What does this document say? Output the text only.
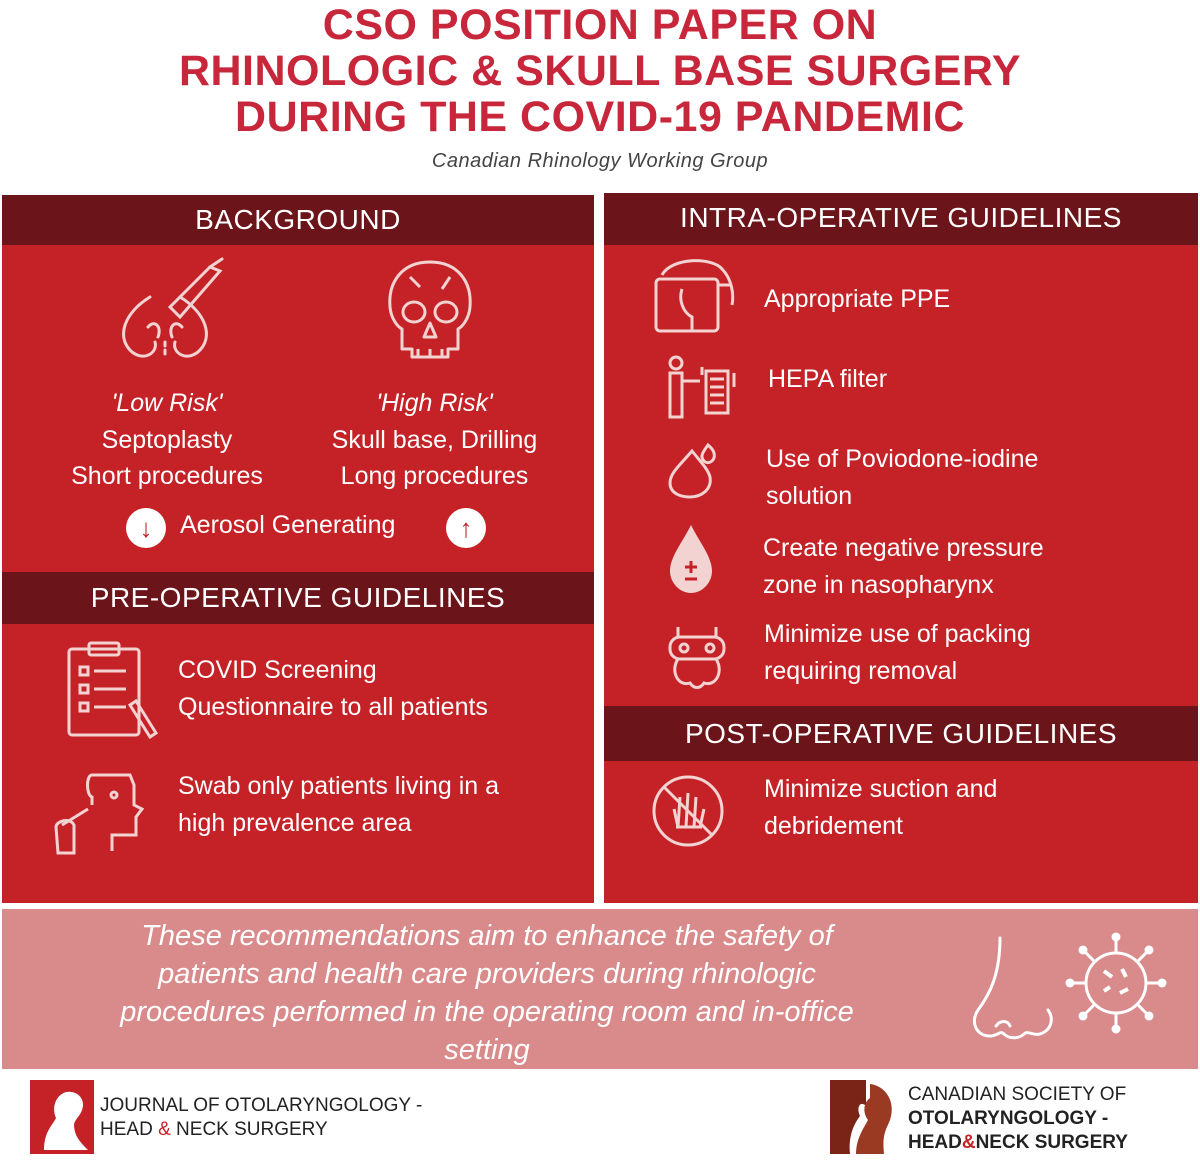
CSO POSITION PAPER ON
RHINOLOGIC & SKULL BASE SURGERY
DURING THE COVID-19 PANDEMIC
Canadian Rhinology Working Group
BACKGROUND
'Low Risk'
Septoplasty
Short procedures
'High Risk'
Skull base, Drilling
Long procedures
↓	Aerosol Generating	↑
PRE-OPERATIVE GUIDELINES
COVID Screening
Questionnaire to all patients
Swab only patients living in a
high prevalence area
INTRA-OPERATIVE GUIDELINES
Appropriate PPE
HEPA filter
Use of Poviodone-iodine
solution
Create negative pressure
zone in nasopharynx
Minimize use of packing
requiring removal
POST-OPERATIVE GUIDELINES
Minimize suction and
debridement
These recommendations aim to enhance the safety of
patients and health care providers during rhinologic
procedures performed in the operating room and in-office
setting
JOURNAL OF OTOLARYNGOLOGY -
HEAD & NECK SURGERY
CANADIAN SOCIETY OF
OTOLARYNGOLOGY -
HEAD&NECK SURGERY
